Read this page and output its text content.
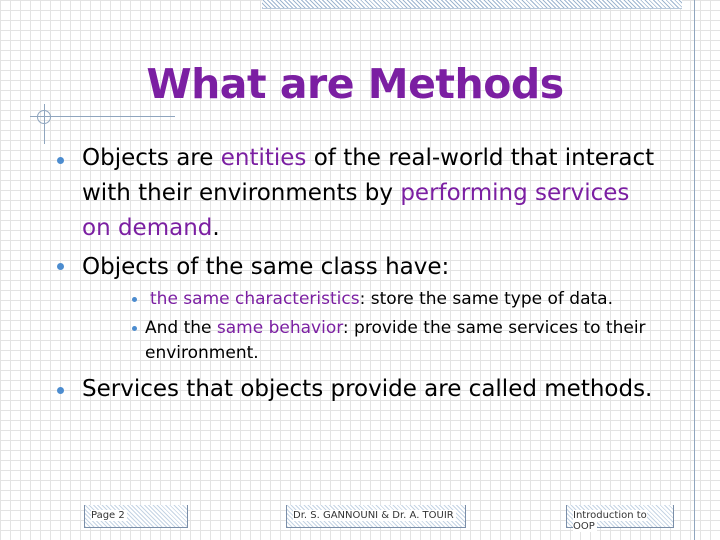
What are Methods
Objects are entities of the real-world that interact
with their environments by performing services
on demand.
Objects of the same class have:
the same characteristics: store the same type of data.
And the same behavior: provide the same services to their
environment.
Services that objects provide are called methods.
Page 2	Dr. S. GANNOUNI & Dr. A. TOUIR	Introduction to OOP
